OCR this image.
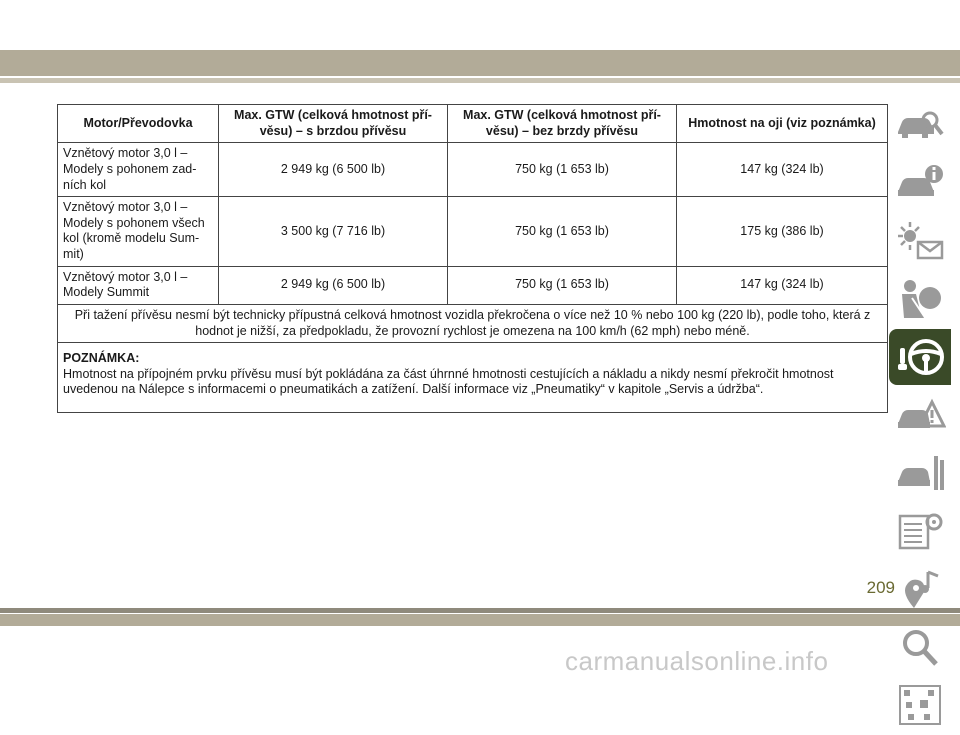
Motor/Převodovka	Max. GTW (celková hmotnost pří-věsu) – s brzdou přívěsu	Max. GTW (celková hmotnost pří-věsu) – bez brzdy přívěsu	Hmotnost na oji (viz poznámka)
Vznětový motor 3,0 l – Modely s pohonem zad-ních kol	2 949 kg (6 500 lb)	750 kg (1 653 lb)	147 kg (324 lb)
Vznětový motor 3,0 l – Modely s pohonem všech kol (kromě modelu Sum-mit)	3 500 kg (7 716 lb)	750 kg (1 653 lb)	175 kg (386 lb)
Vznětový motor 3,0 l – Modely Summit	2 949 kg (6 500 lb)	750 kg (1 653 lb)	147 kg (324 lb)
Při tažení přívěsu nesmí být technicky přípustná celková hmotnost vozidla překročena o více než 10 % nebo 100 kg (220 lb), podle toho, která z hodnot je nižší, za předpokladu, že provozní rychlost je omezena na 100 km/h (62 mph) nebo méně.			

POZNÁMKA:
Hmotnost na přípojném prvku přívěsu musí být pokládána za část úhrnné hmotnosti cestujících a nákladu a nikdy nesmí překročit hmotnost uvedenou na Nálepce s informacemi o pneumatikách a zatížení. Další informace viz „Pneumatiky“ v kapitole „Servis a údržba“.			
209
carmanualsonline.info
